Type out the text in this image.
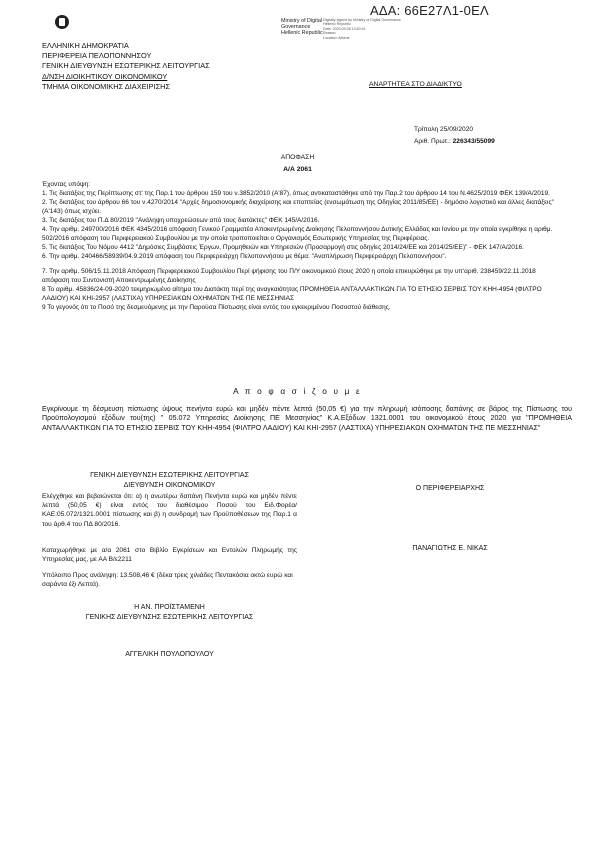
ΑΔΑ: 66Ε27Λ1-0ΕΛ
Ministry of Digital
Governance
Hellenic Republic
Digitally signed by Ministry of Digital Governance
Hellenic Republic
Date: 2020.09.28 13:50:41
Reason:
Location: Athens
ΕΛΛΗΝΙΚΗ ΔΗΜΟΚΡΑΤΙΑ
ΠΕΡΙΦΕΡΕΙΑ ΠΕΛΟΠΟΝΝΗΣΟΥ
ΓΕΝΙΚΗ ΔΙΕΥΘΥΝΣΗ ΕΣΩΤΕΡΙΚΗΣ ΛΕΙΤΟΥΡΓΙΑΣ
Δ/ΝΣΗ ΔΙΟΙΚΗΤΙΚΟΥ ΟΙΚΟΝΟΜΙΚΟΥ
ΤΜΗΜΑ ΟΙΚΟΝΟΜΙΚΗΣ ΔΙΑΧΕΙΡΙΣΗΣ	ΑΝΑΡΤΗΤΕΑ ΣΤΟ ΔΙΑΔΙΚΤΥΟ
Τρίπολη 25/09/2020
Αριθ. Πρωτ.: 226343/55099
ΑΠΟΦΑΣΗ
Α/Α 2061

Έχοντας υπόψη:

1. Τις διατάξεις της Περίπτωσης στ' της Παρ.1 του άρθρου 159 του ν.3852/2010 (Α'87), όπως αντικαταστάθηκε από την Παρ.2 του άρθρου 14 του Ν.4625/2019 ΦΕΚ 139/Α/2019.

2. Τις διατάξεις του άρθρου 66 του ν.4270/2014 "Αρχές δημοσιονομικής διαχείρισης και εποπτείας (ενσωμάτωση της Οδηγίας 2011/85/ΕΕ) - δημόσιο λογιστικό και άλλες διατάξεις" (Α'143) όπως ισχύει.

3. Τις διατάξεις του Π.Δ 80/2019 "Ανάληψη υποχρεώσεων από τους διατάκτες" ΦΕΚ 145/Α/2016.

4. Την αριθμ. 249700/2016 ΦΕΚ 4345/2016 απόφαση Γενικού Γραμματέα Αποκεντρωμένης Διοίκησης Πελοποννήσου Δυτικής Ελλάδας και Ιονίου με την οποία εγκρίθηκε η αριθμ. 502/2016 απόφαση του Περιφερειακού Συμβουλίου με την οποία τροποποιείται ο Οργανισμός Εσωτερικής Υπηρεσίας της Περιφέρειας.

5. Τις διατάξεις Του Νόμου 4412 "Δημόσιες Συμβάσεις Έργων, Προμηθειών και Υπηρεσιών (Προσαρμογή στις οδηγίες 2014/24/ΕΕ και 2014/25/ΕΕ)" - ΦΕΚ 147/Α/2016.

6. Την αριθμ. 240466/58939/04.9.2019 απόφαση του Περιφερειάρχη Πελοποννήσου με θέμα: "Αναπλήρωση Περιφερειάρχη Πελοποννήσου".

7. Την αριθμ. 506/15.11.2018 Απόφαση Περιφερειακού Συμβουλίου Περί ψήφισης του Π/Υ οικονομικού έτους 2020 η οποία επικυρώθηκε με την υπ'αριθ. 238459/22.11.2018 απόφαση του Συντονιστή Αποκεντρωμένης Διοίκησης

8 Το αριθμ. 45836/24-09-2020 τεκμηριωμένο αίτημα του Διατάκτη περί της αναγκαιότητας ΠΡΟΜΗΘΕΙΑ ΑΝΤΑΛΛΑΚΤΙΚΩΝ ΓΙΑ ΤΟ ΕΤΗΣΙΟ ΣΕΡΒΙΣ ΤΟΥ ΚΗΗ-4954 (ΦΙΛΤΡΟ ΛΑΔΙΟΥ) ΚΑΙ ΚΗΙ-2957 (ΛΑΣΤΙΧΑ) ΥΠΗΡΕΣΙΑΚΩΝ ΟΧΗΜΑΤΩΝ ΤΗΣ ΠΕ ΜΕΣΣΗΝΙΑΣ

9 Το γεγονός ότι το Ποσό της δεσμευόμενης με την Παρούσα Πίστωσης είναι εντός του εγκεκριμένου Ποσοστού διάθεσης.

Α π ο φ α σ ί ζ ο υ μ ε
Εγκρίνουμε τη δέσμευση πίστωσης ύψους πενήντα ευρώ και μηδέν πέντε λεπτά (50,05 €) για την πληρωμή ισόποσης δαπάνης σε βάρος της Πίστωσης του Προϋπολογισμού εξόδων του(της) " 05.072 Υπηρεσίες Διοίκησης ΠΕ Μεσσηνίας" Κ.Α.Εξόδων 1321.0001 του οικονομικού έτους 2020 για "ΠΡΟΜΗΘΕΙΑ ΑΝΤΑΛΛΑΚΤΙΚΩΝ ΓΙΑ ΤΟ ΕΤΗΣΙΟ ΣΕΡΒΙΣ ΤΟΥ ΚΗΗ-4954 (ΦΙΛΤΡΟ ΛΑΔΙΟΥ) ΚΑΙ ΚΗΙ-2957 (ΛΑΣΤΙΧΑ) ΥΠΗΡΕΣΙΑΚΩΝ ΟΧΗΜΑΤΩΝ ΤΗΣ ΠΕ ΜΕΣΣΗΝΙΑΣ"
ΓΕΝΙΚΗ ΔΙΕΥΘΥΝΣΗ ΕΣΩΤΕΡΙΚΗΣ ΛΕΙΤΟΥΡΓΙΑΣ
ΔΙΕΥΘΥΝΣΗ ΟΙΚΟΝΟΜΙΚΟΥ
Ελέγχθηκε και βεβαιώνεται ότι: α) η ανωτέρω δαπάνη Πενήντα ευρώ και μηδέν πέντε λεπτά (50,05 €) είναι εντός του διαθέσιμου Ποσού του Ειδ.Φορέα/ΚΑΕ:05.072/1321.0001 πίστωσης και β) η συνδρομή των Προϋποθέσεων της Παρ.1 α του άρθ.4 του ΠΔ 80/2016.
Καταχωρήθηκε με α/α 2061 στο Βιβλίο Εγκρίσεων και Εντολών Πληρωμής της Υπηρεσίας μας, με ΑΑ Β/ε2211
Υπόλοιπο Προς ανάληψη: 13.508,46 € (δέκα τρεις χιλιάδες Πεντακόσια οκτώ ευρώ και σαράντα έξι Λεπτά).
Η ΑΝ. ΠΡΟΪΣΤΑΜΕΝΗ
ΓΕΝΙΚΗΣ ΔΙΕΥΘΥΝΣΗΣ ΕΣΩΤΕΡΙΚΗΣ ΛΕΙΤΟΥΡΓΙΑΣ
ΑΓΓΕΛΙΚΗ ΠΟΥΛΟΠΟΥΛΟΥ
Ο ΠΕΡΙΦΕΡΕΙΑΡΧΗΣ
ΠΑΝΑΓΙΩΤΗΣ Ε. ΝΙΚΑΣ
